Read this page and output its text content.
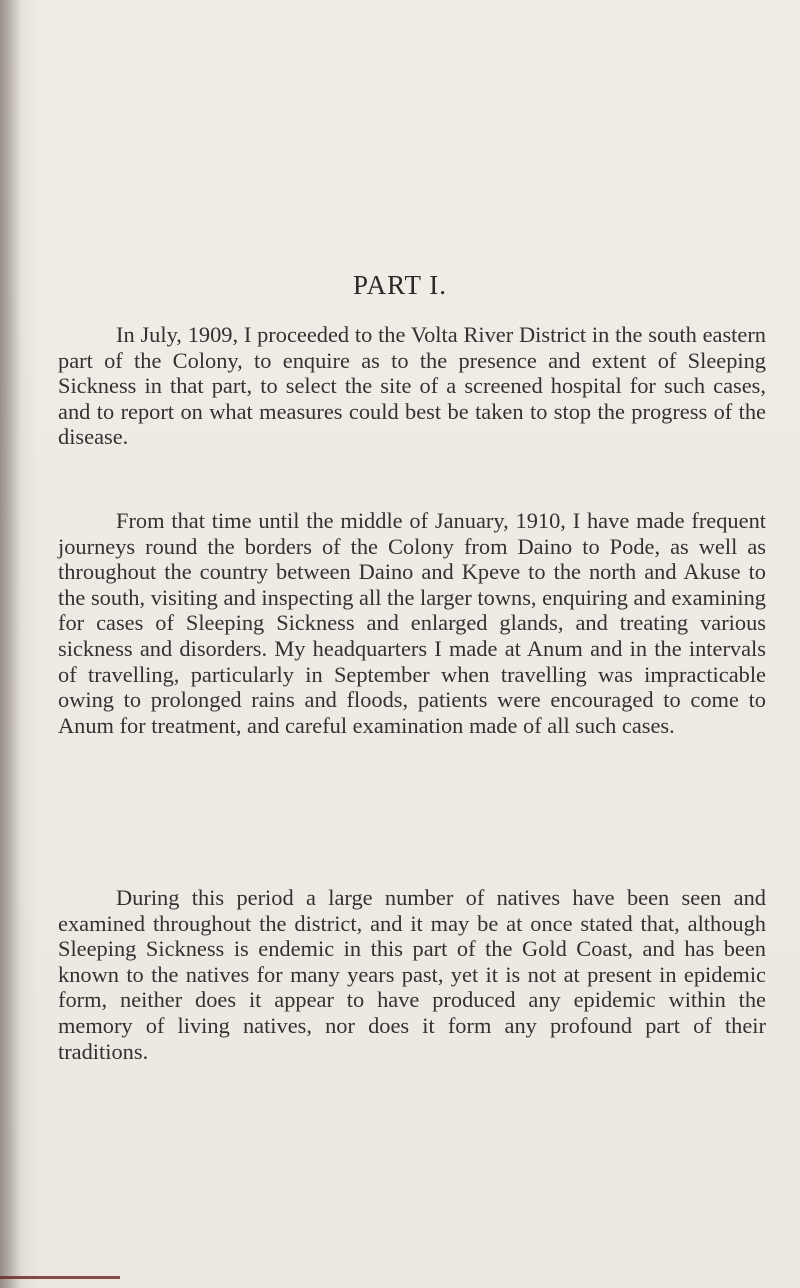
PART I.

In July, 1909, I proceeded to the Volta River District in the south eastern part of the Colony, to enquire as to the presence and extent of Sleeping Sickness in that part, to select the site of a screened hospital for such cases, and to report on what measures could best be taken to stop the progress of the disease.

From that time until the middle of January, 1910, I have made frequent journeys round the borders of the Colony from Daino to Pode, as well as throughout the country between Daino and Kpeve to the north and Akuse to the south, visiting and inspecting all the larger towns, enquiring and examining for cases of Sleeping Sickness and enlarged glands, and treating various sickness and disorders. My headquarters I made at Anum and in the intervals of travelling, particularly in September when travelling was impracticable owing to prolonged rains and floods, patients were encouraged to come to Anum for treatment, and careful examination made of all such cases.

During this period a large number of natives have been seen and examined throughout the district, and it may be at once stated that, although Sleeping Sickness is endemic in this part of the Gold Coast, and has been known to the natives for many years past, yet it is not at present in epidemic form, neither does it appear to have produced any epidemic within the memory of living natives, nor does it form any profound part of their traditions.
